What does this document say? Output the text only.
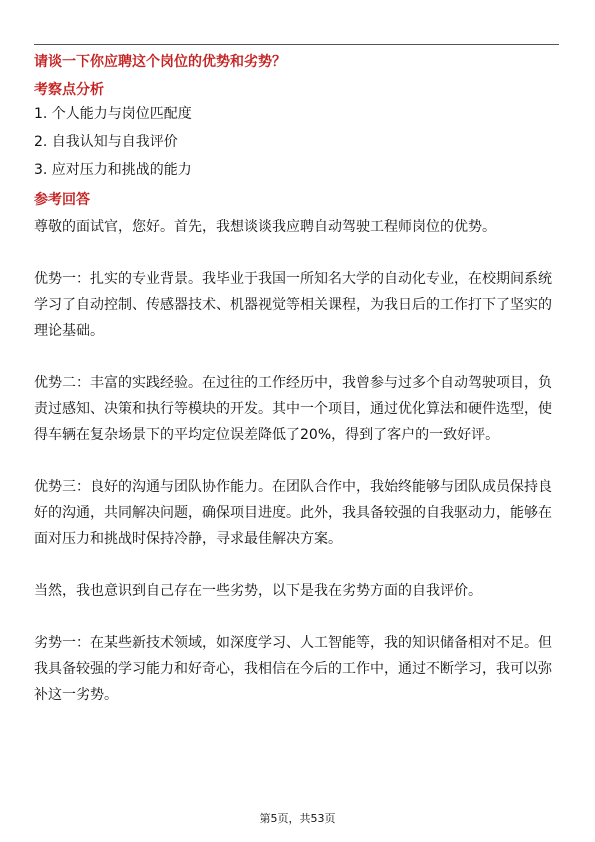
请谈一下你应聘这个岗位的优势和劣势？
考察点分析
1. 个人能力与岗位匹配度
2. 自我认知与自我评价
3. 应对压力和挑战的能力
参考回答

尊敬的面试官，您好。首先，我想谈谈我应聘自动驾驶工程师岗位的优势。

优势一：扎实的专业背景。我毕业于我国一所知名大学的自动化专业，在校期间系统学习了自动控制、传感器技术、机器视觉等相关课程，为我日后的工作打下了坚实的理论基础。

优势二：丰富的实践经验。在过往的工作经历中，我曾参与过多个自动驾驶项目，负责过感知、决策和执行等模块的开发。其中一个项目，通过优化算法和硬件选型，使得车辆在复杂场景下的平均定位误差降低了20%，得到了客户的一致好评。

优势三：良好的沟通与团队协作能力。在团队合作中，我始终能够与团队成员保持良好的沟通，共同解决问题，确保项目进度。此外，我具备较强的自我驱动力，能够在面对压力和挑战时保持冷静，寻求最佳解决方案。

当然，我也意识到自己存在一些劣势，以下是我在劣势方面的自我评价。

劣势一：在某些新技术领域，如深度学习、人工智能等，我的知识储备相对不足。但我具备较强的学习能力和好奇心，我相信在今后的工作中，通过不断学习，我可以弥补这一劣势。

第5页，共53页
